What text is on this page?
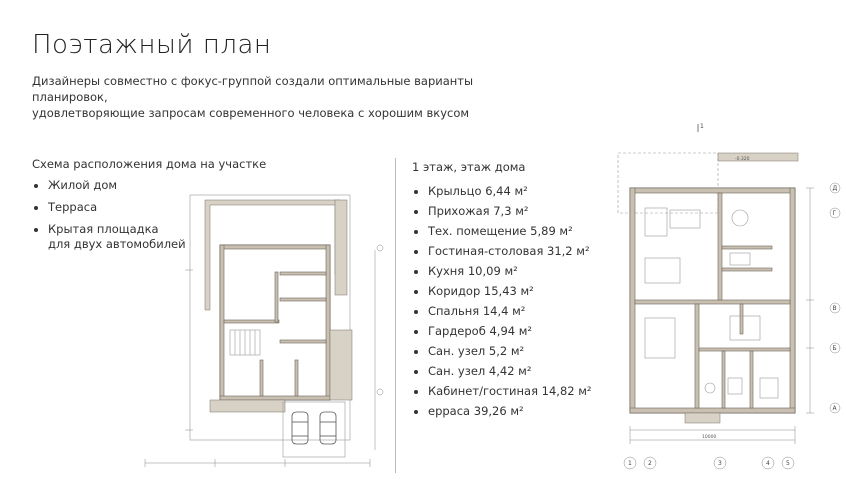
Поэтажный план
Дизайнеры совместно с фокус-группой создали оптимальные варианты планировок,
удовлетворяющие запросам современного человека с хорошим вкусом
Схема расположения дома на участке
Жилой дом
Терраса
Крытая площадка
для двух автомобилей
1 этаж, этаж дома
Крыльцо 6,44 м²
Прихожая 7,3 м²
Тех. помещение 5,89 м²
Гостиная-столовая 31,2 м²
Кухня 10,09 м²
Коридор 15,43 м²
Спальня 14,4 м²
Гардероб 4,94 м²
Сан. узел 5,2 м²
Сан. узел 4,42 м²
Кабинет/гостиная 14,82 м²
ерраса 39,26 м²
1
-0.320
10000
Д
Г
В
Б
А
1	2	3	4	5
